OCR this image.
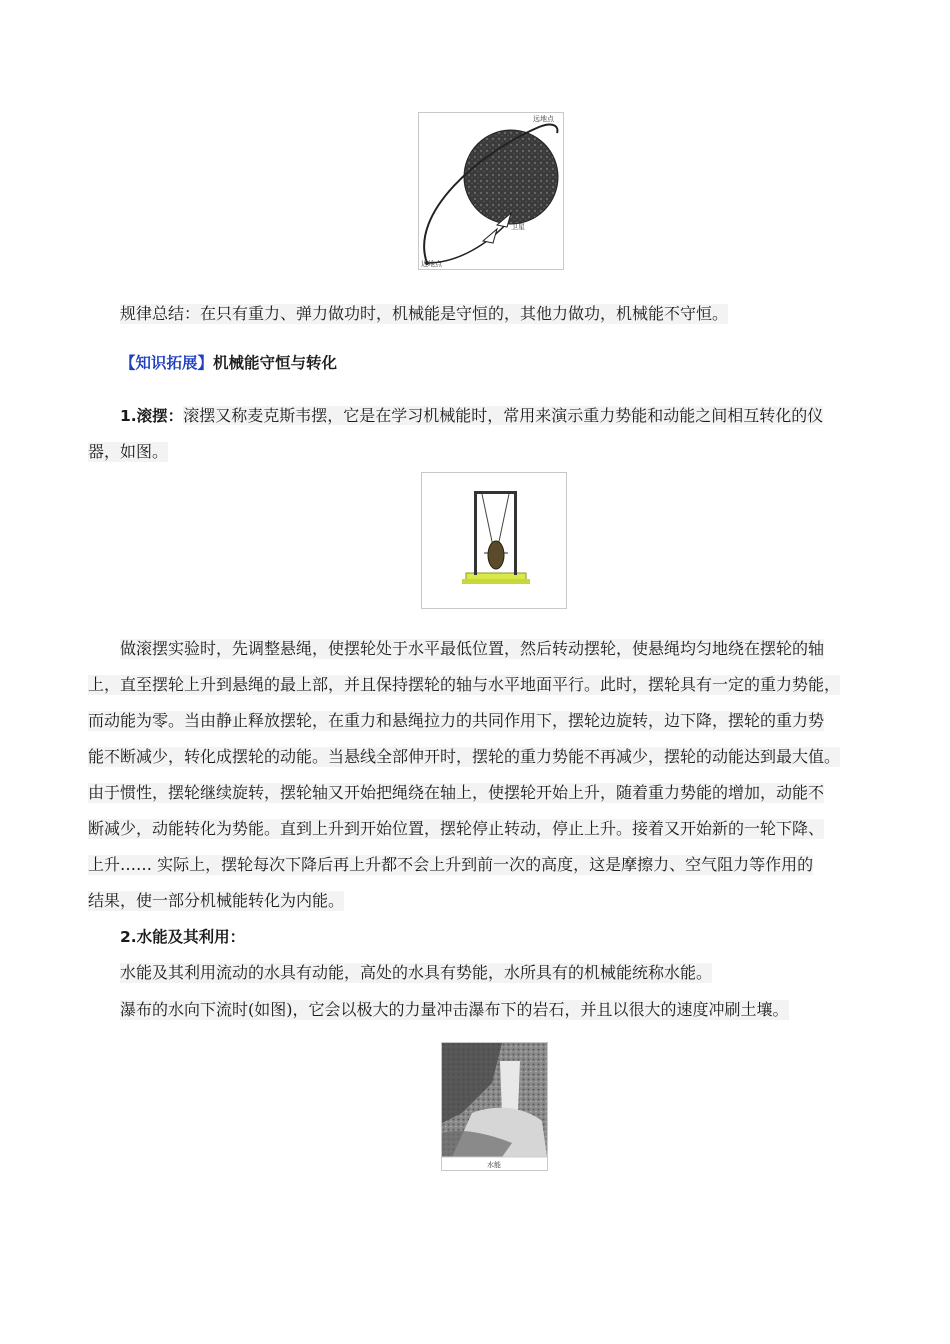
远地点
卫星
近地点
规律总结：在只有重力、弹力做功时，机械能是守恒的，其他力做功，机械能不守恒。
【知识拓展】机械能守恒与转化
1.滚摆：滚摆又称麦克斯韦摆，它是在学习机械能时，常用来演示重力势能和动能之间相互转化的仪
器，如图。
做滚摆实验时，先调整悬绳，使摆轮处于水平最低位置，然后转动摆轮，使悬绳均匀地绕在摆轮的轴
上，直至摆轮上升到悬绳的最上部，并且保持摆轮的轴与水平地面平行。此时，摆轮具有一定的重力势能，
而动能为零。当由静止释放摆轮，在重力和悬绳拉力的共同作用下，摆轮边旋转，边下降，摆轮的重力势
能不断减少，转化成摆轮的动能。当悬线全部伸开时，摆轮的重力势能不再减少，摆轮的动能达到最大值。
由于惯性，摆轮继续旋转，摆轮轴又开始把绳绕在轴上，使摆轮开始上升，随着重力势能的增加，动能不
断减少，动能转化为势能。直到上升到开始位置，摆轮停止转动，停止上升。接着又开始新的一轮下降、
上升…… 实际上，摆轮每次下降后再上升都不会上升到前一次的高度，这是摩擦力、空气阻力等作用的
结果，使一部分机械能转化为内能。
2.水能及其利用：
水能及其利用流动的水具有动能，高处的水具有势能，水所具有的机械能统称水能。
瀑布的水向下流时(如图)，它会以极大的力量冲击瀑布下的岩石，并且以很大的速度冲刷土壤。
水能
